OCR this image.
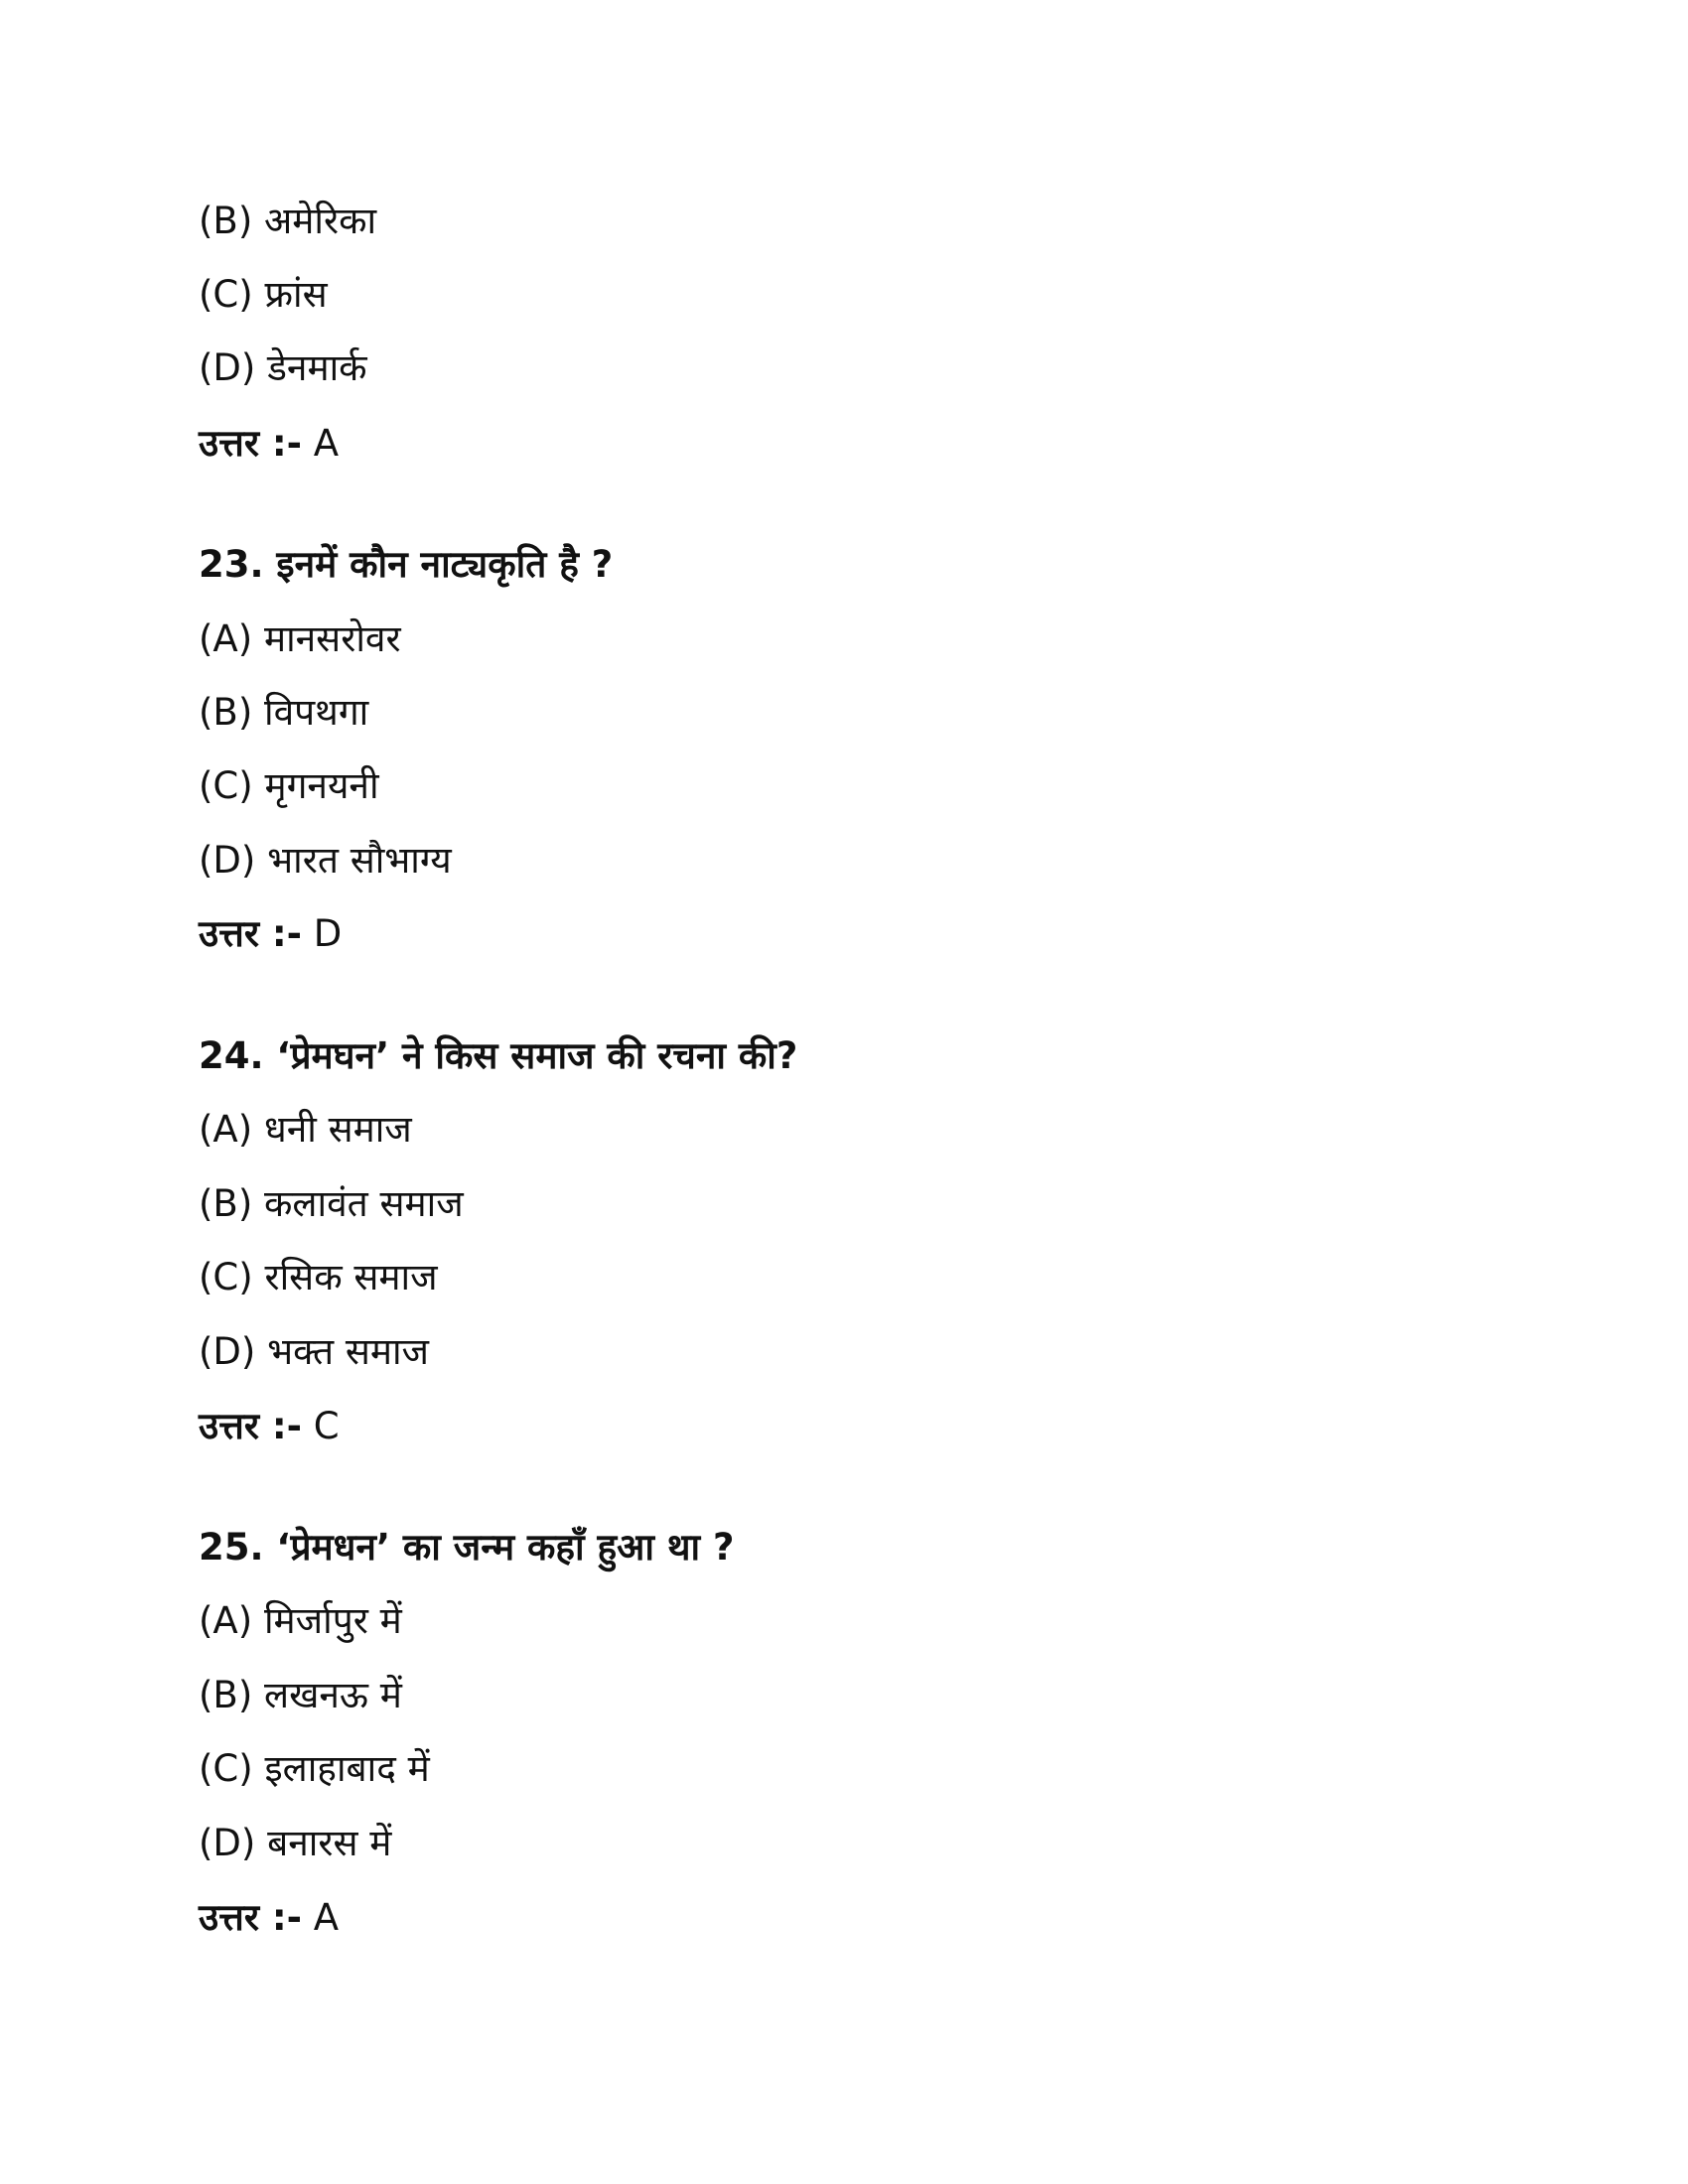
(B) अमेरिका
(C) फ्रांस
(D) डेनमार्क
उत्तर :- A
23. इनमें कौन नाट्यकृति है ?
(A) मानसरोवर
(B) विपथगा
(C) मृगनयनी
(D) भारत सौभाग्य
उत्तर :- D
24. ‘प्रेमघन’ ने किस समाज की रचना की?
(A) धनी समाज
(B) कलावंत समाज
(C) रसिक समाज
(D) भक्त समाज
उत्तर :- C
25. ‘प्रेमधन’ का जन्म कहाँ हुआ था ?
(A) मिर्जापुर में
(B) लखनऊ में
(C) इलाहाबाद में
(D) बनारस में
उत्तर :- A
